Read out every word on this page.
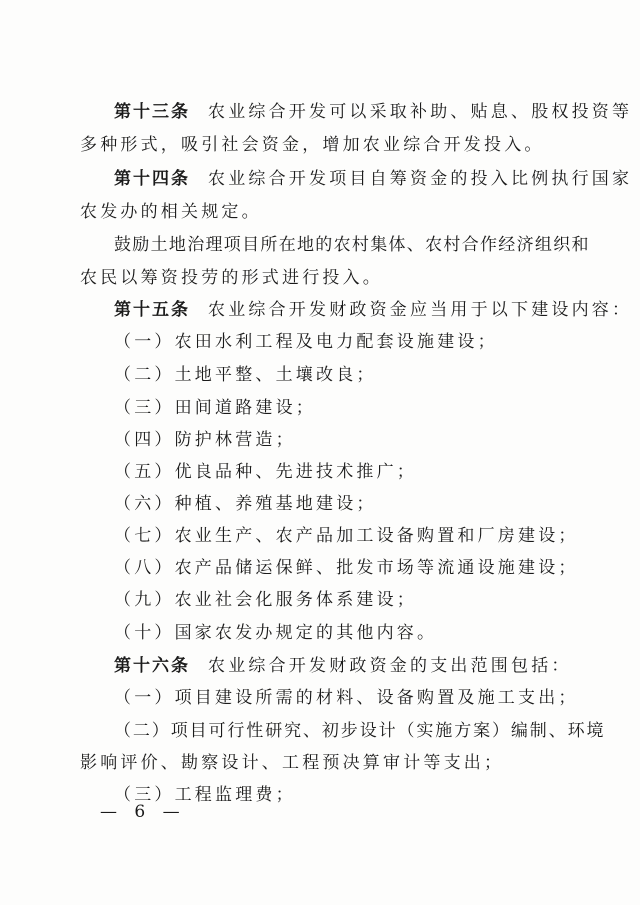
第十三条 农业综合开发可以采取补助、贴息、股权投资等
多种形式，吸引社会资金，增加农业综合开发投入。
第十四条 农业综合开发项目自筹资金的投入比例执行国家
农发办的相关规定。
鼓励土地治理项目所在地的农村集体、农村合作经济组织和
农民以筹资投劳的形式进行投入。
第十五条 农业综合开发财政资金应当用于以下建设内容：
（一）农田水利工程及电力配套设施建设；
（二）土地平整、土壤改良；
（三）田间道路建设；
（四）防护林营造；
（五）优良品种、先进技术推广；
（六）种植、养殖基地建设；
（七）农业生产、农产品加工设备购置和厂房建设；
（八）农产品储运保鲜、批发市场等流通设施建设；
（九）农业社会化服务体系建设；
（十）国家农发办规定的其他内容。
第十六条 农业综合开发财政资金的支出范围包括：
（一）项目建设所需的材料、设备购置及施工支出；
（二）项目可行性研究、初步设计（实施方案）编制、环境
影响评价、勘察设计、工程预决算审计等支出；
（三）工程监理费；
— 6 —
